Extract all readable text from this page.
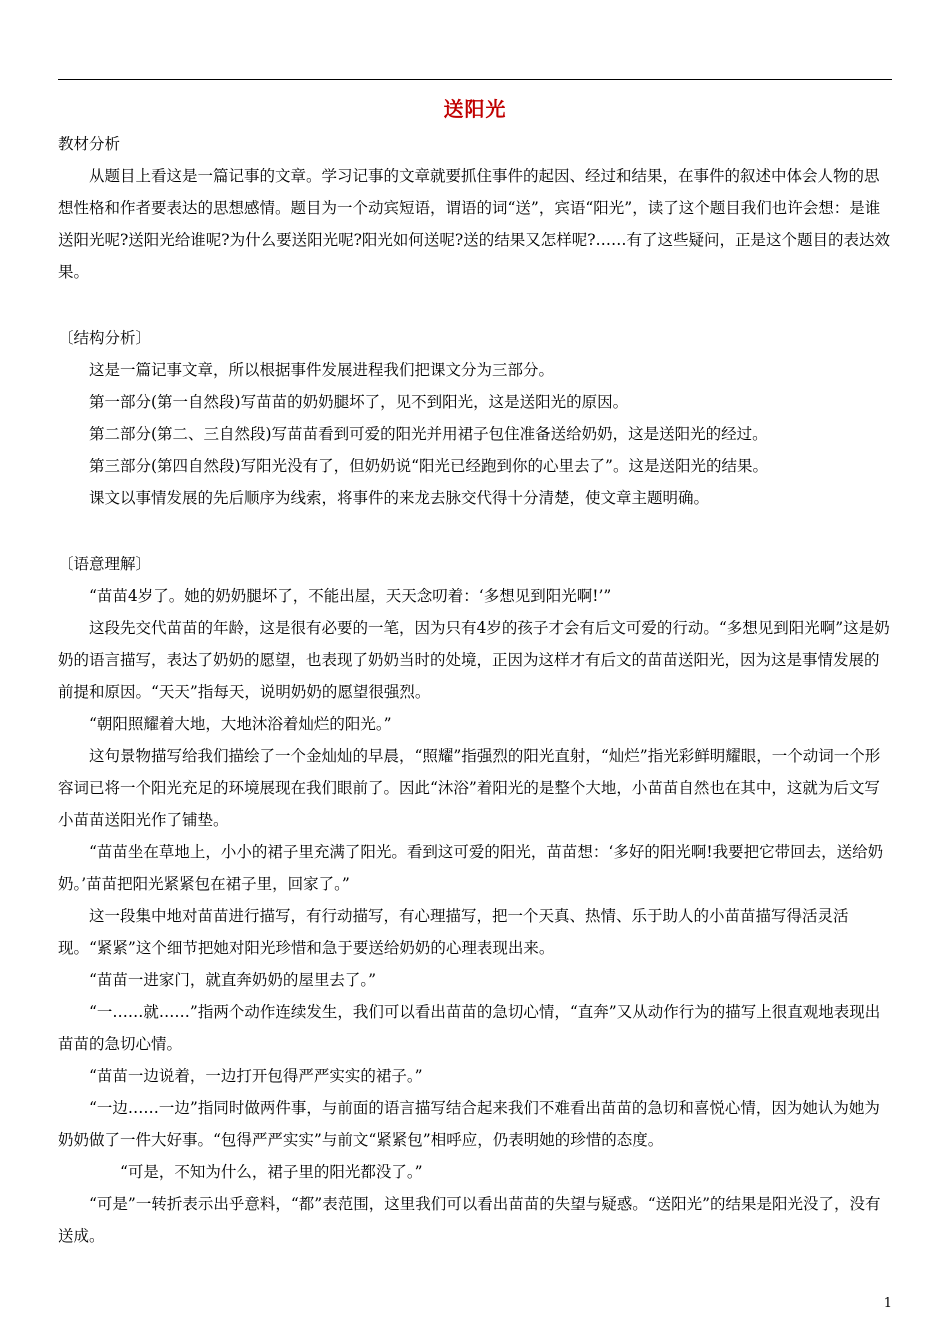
送阳光

教材分析

从题目上看这是一篇记事的文章。学习记事的文章就要抓住事件的起因、经过和结果，在事件的叙述中体会人物的思想性格和作者要表达的思想感情。题目为一个动宾短语，谓语的词“送”，宾语“阳光”，读了这个题目我们也许会想：是谁送阳光呢?送阳光给谁呢?为什么要送阳光呢?阳光如何送呢?送的结果又怎样呢?……有了这些疑问，正是这个题目的表达效果。

〔结构分析〕

这是一篇记事文章，所以根据事件发展进程我们把课文分为三部分。

第一部分(第一自然段)写苗苗的奶奶腿坏了，见不到阳光，这是送阳光的原因。

第二部分(第二、三自然段)写苗苗看到可爱的阳光并用裙子包住准备送给奶奶，这是送阳光的经过。

第三部分(第四自然段)写阳光没有了，但奶奶说“阳光已经跑到你的心里去了”。这是送阳光的结果。

课文以事情发展的先后顺序为线索，将事件的来龙去脉交代得十分清楚，使文章主题明确。

〔语意理解〕

“苗苗4岁了。她的奶奶腿坏了，不能出屋，天天念叨着：‘多想见到阳光啊!’”

这段先交代苗苗的年龄，这是很有必要的一笔，因为只有4岁的孩子才会有后文可爱的行动。“多想见到阳光啊”这是奶奶的语言描写，表达了奶奶的愿望，也表现了奶奶当时的处境，正因为这样才有后文的苗苗送阳光，因为这是事情发展的前提和原因。“天天”指每天，说明奶奶的愿望很强烈。

“朝阳照耀着大地，大地沐浴着灿烂的阳光。”

这句景物描写给我们描绘了一个金灿灿的早晨，“照耀”指强烈的阳光直射，“灿烂”指光彩鲜明耀眼，一个动词一个形容词已将一个阳光充足的环境展现在我们眼前了。因此“沐浴”着阳光的是整个大地，小苗苗自然也在其中，这就为后文写小苗苗送阳光作了铺垫。

“苗苗坐在草地上，小小的裙子里充满了阳光。看到这可爱的阳光，苗苗想：‘多好的阳光啊!我要把它带回去，送给奶奶。’苗苗把阳光紧紧包在裙子里，回家了。”

这一段集中地对苗苗进行描写，有行动描写，有心理描写，把一个天真、热情、乐于助人的小苗苗描写得活灵活现。“紧紧”这个细节把她对阳光珍惜和急于要送给奶奶的心理表现出来。

“苗苗一进家门，就直奔奶奶的屋里去了。”

“一……就……”指两个动作连续发生，我们可以看出苗苗的急切心情，“直奔”又从动作行为的描写上很直观地表现出苗苗的急切心情。

“苗苗一边说着，一边打开包得严严实实的裙子。”

“一边……一边”指同时做两件事，与前面的语言描写结合起来我们不难看出苗苗的急切和喜悦心情，因为她认为她为奶奶做了一件大好事。“包得严严实实”与前文“紧紧包”相呼应，仍表明她的珍惜的态度。

“可是，不知为什么，裙子里的阳光都没了。”

“可是”一转折表示出乎意料，“都”表范围，这里我们可以看出苗苗的失望与疑惑。“送阳光”的结果是阳光没了，没有送成。

1
